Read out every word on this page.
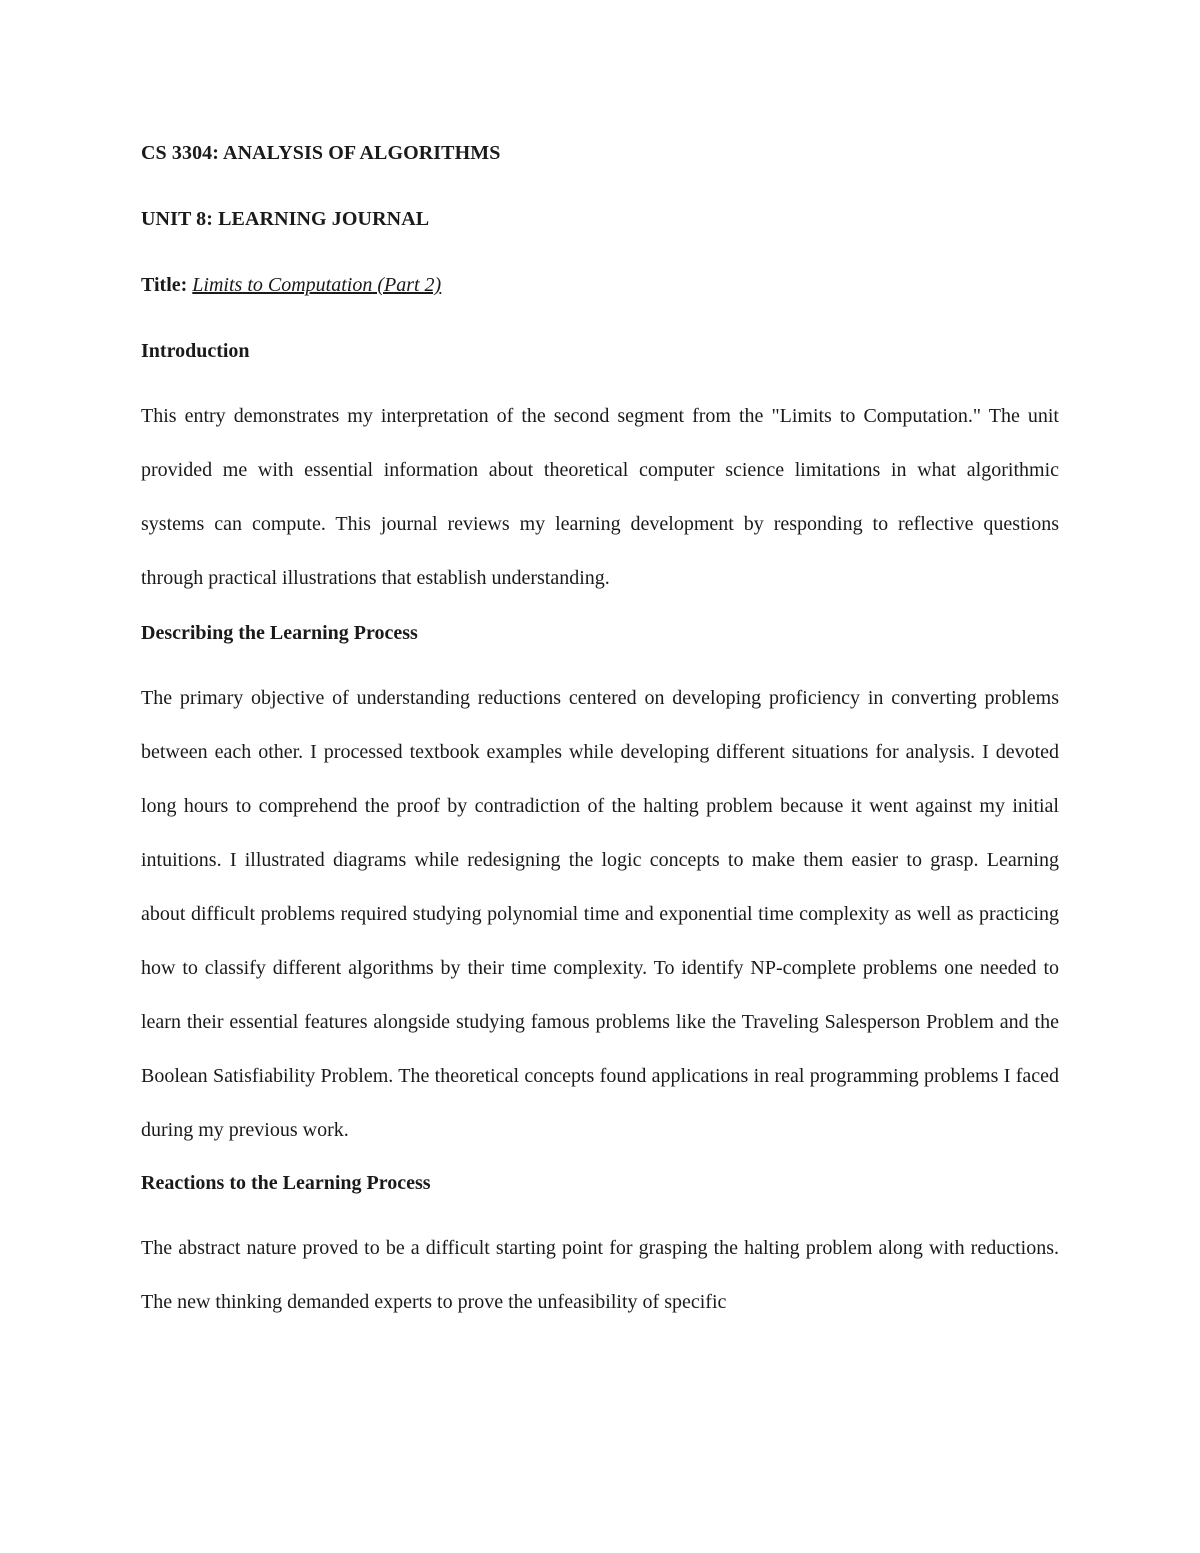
CS 3304: ANALYSIS OF ALGORITHMS

UNIT 8: LEARNING JOURNAL

Title: Limits to Computation (Part 2)

Introduction

This entry demonstrates my interpretation of the second segment from the "Limits to Computation." The unit provided me with essential information about theoretical computer science limitations in what algorithmic systems can compute. This journal reviews my learning development by responding to reflective questions through practical illustrations that establish understanding.

Describing the Learning Process

The primary objective of understanding reductions centered on developing proficiency in converting problems between each other. I processed textbook examples while developing different situations for analysis. I devoted long hours to comprehend the proof by contradiction of the halting problem because it went against my initial intuitions. I illustrated diagrams while redesigning the logic concepts to make them easier to grasp. Learning about difficult problems required studying polynomial time and exponential time complexity as well as practicing how to classify different algorithms by their time complexity. To identify NP-complete problems one needed to learn their essential features alongside studying famous problems like the Traveling Salesperson Problem and the Boolean Satisfiability Problem. The theoretical concepts found applications in real programming problems I faced during my previous work.

Reactions to the Learning Process

The abstract nature proved to be a difficult starting point for grasping the halting problem along with reductions. The new thinking demanded experts to prove the unfeasibility of specific
